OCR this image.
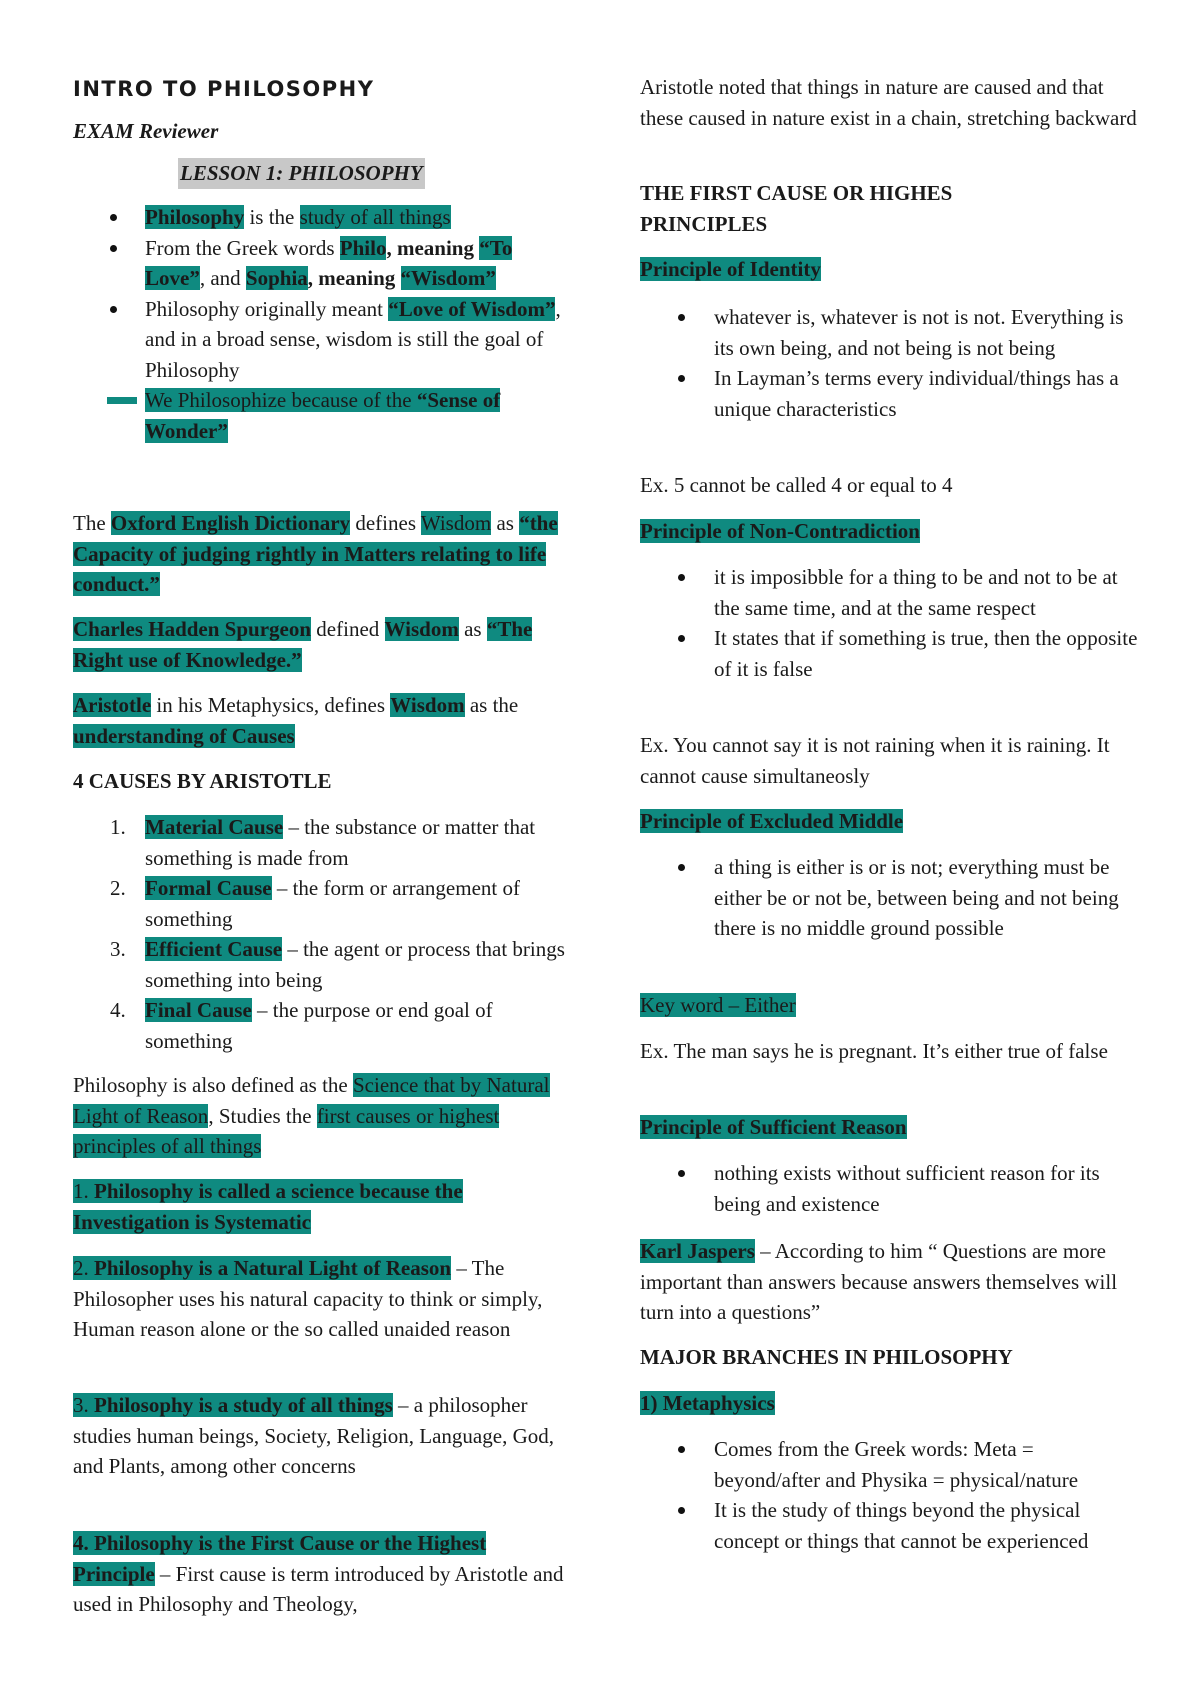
INTRO TO PHILOSOPHY
EXAM Reviewer
LESSON 1: PHILOSOPHY
Philosophy is the study of all things
From the Greek words Philo, meaning “To Love”, and Sophia, meaning “Wisdom”
Philosophy originally meant “Love of Wisdom”, and in a broad sense, wisdom is still the goal of Philosophy
We Philosophize because of the “Sense of Wonder”

The Oxford English Dictionary defines Wisdom as “the Capacity of judging rightly in Matters relating to life conduct.”

Charles Hadden Spurgeon defined Wisdom as “The Right use of Knowledge.”

Aristotle in his Metaphysics, defines Wisdom as the understanding of Causes

4 CAUSES BY ARISTOTLE

1. Material Cause – the substance or matter that something is made from
2. Formal Cause – the form or arrangement of something
3. Efficient Cause – the agent or process that brings something into being
4. Final Cause – the purpose or end goal of something

Philosophy is also defined as the Science that by Natural Light of Reason, Studies the first causes or highest principles of all things

1. Philosophy is called a science because the Investigation is Systematic

2. Philosophy is a Natural Light of Reason – The Philosopher uses his natural capacity to think or simply, Human reason alone or the so called unaided reason

3. Philosophy is a study of all things – a philosopher studies human beings, Society, Religion, Language, God, and Plants, among other concerns

4. Philosophy is the First Cause or the Highest Principle – First cause is term introduced by Aristotle and used in Philosophy and Theology,

Aristotle noted that things in nature are caused and that these caused in nature exist in a chain, stretching backward

THE FIRST CAUSE OR HIGHES PRINCIPLES

Principle of Identity

whatever is, whatever is not is not. Everything is its own being, and not being is not being
In Layman’s terms every individual/things has a unique characteristics

Ex. 5 cannot be called 4 or equal to 4

Principle of Non-Contradiction

it is imposibble for a thing to be and not to be at the same time, and at the same respect
It states that if something is true, then the opposite of it is false

Ex. You cannot say it is not raining when it is raining. It cannot cause simultaneosly

Principle of Excluded Middle

a thing is either is or is not; everything must be either be or not be, between being and not being there is no middle ground possible

Key word – Either

Ex. The man says he is pregnant. It’s either true of false

Principle of Sufficient Reason

nothing exists without sufficient reason for its being and existence

Karl Jaspers – According to him “ Questions are more important than answers because answers themselves will turn into a questions”

MAJOR BRANCHES IN PHILOSOPHY

1) Metaphysics

Comes from the Greek words: Meta = beyond/after and Physika = physical/nature
It is the study of things beyond the physical concept or things that cannot be experienced
